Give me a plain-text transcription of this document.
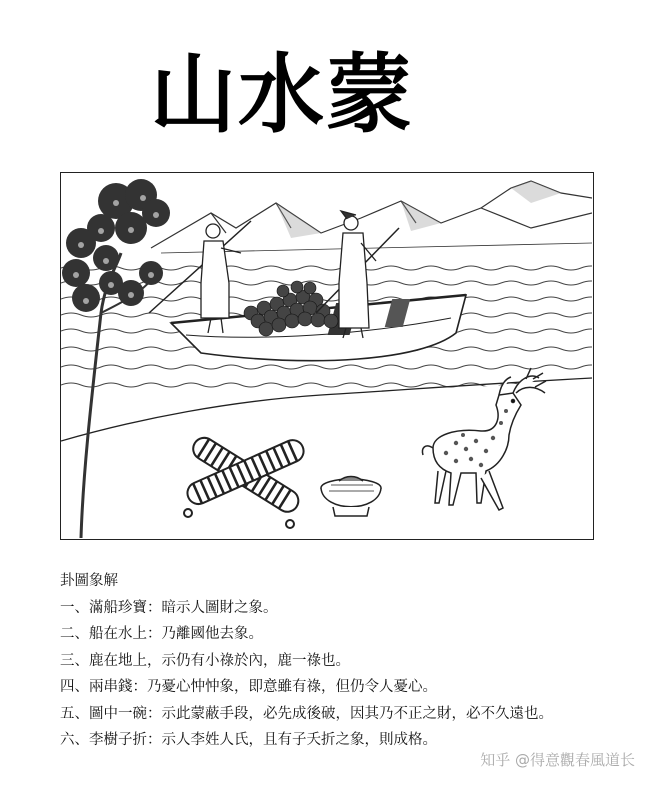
山水蒙
卦圖象解
一、滿船珍寶：暗示人圖財之象。
二、船在水上：乃離國他去象。
三、鹿在地上，示仍有小祿於內，鹿一祿也。
四、兩串錢：乃憂心忡忡象，即意雖有祿，但仍令人憂心。
五、圖中一碗：示此蒙蔽手段，必先成後破，因其乃不正之財，必不久遠也。
六、李樹子折：示人李姓人氏，且有子夭折之象，則成格。
知乎 @得意觀春風道长
